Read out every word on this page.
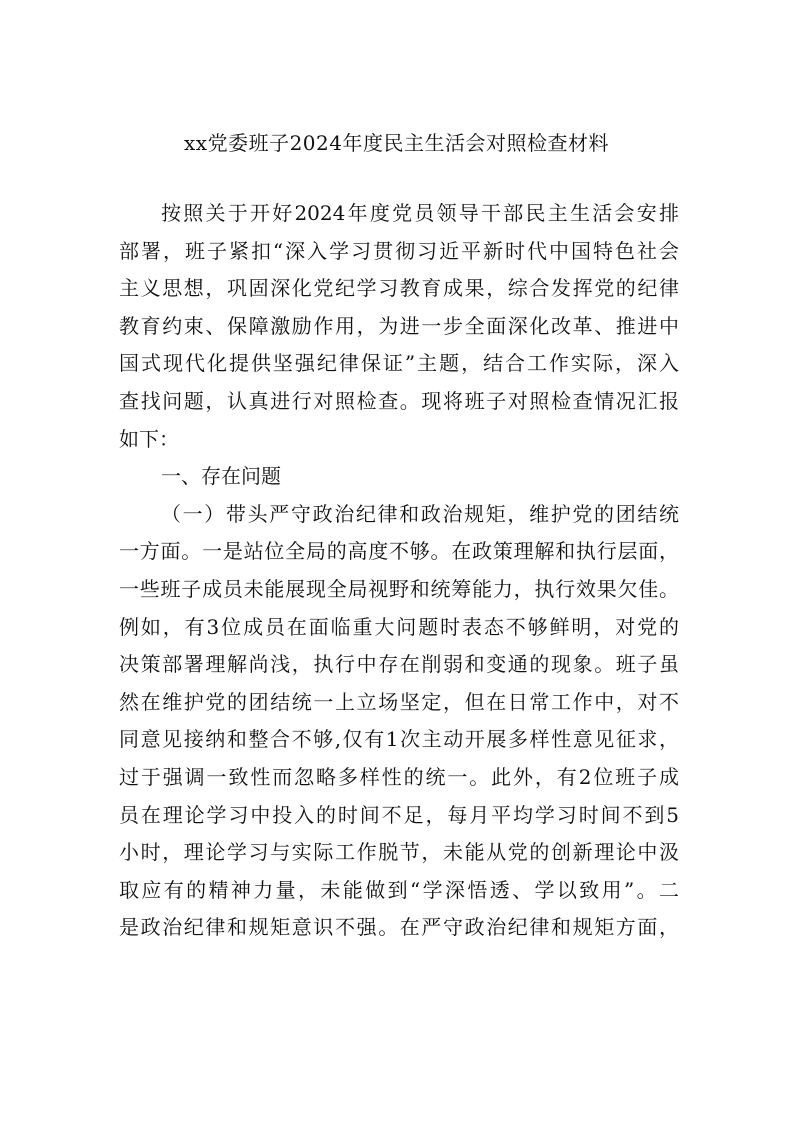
xx党委班子2024年度民主生活会对照检查材料
按照关于开好2024年度党员领导干部民主生活会安排
部署，班子紧扣“深入学习贯彻习近平新时代中国特色社会
主义思想，巩固深化党纪学习教育成果，综合发挥党的纪律
教育约束、保障激励作用，为进一步全面深化改革、推进中
国式现代化提供坚强纪律保证”主题，结合工作实际，深入
查找问题，认真进行对照检查。现将班子对照检查情况汇报
如下：
一、存在问题
（一）带头严守政治纪律和政治规矩，维护党的团结统
一方面。一是站位全局的高度不够。在政策理解和执行层面，
一些班子成员未能展现全局视野和统筹能力，执行效果欠佳。
例如，有3位成员在面临重大问题时表态不够鲜明，对党的
决策部署理解尚浅，执行中存在削弱和变通的现象。班子虽
然在维护党的团结统一上立场坚定，但在日常工作中，对不
同意见接纳和整合不够,仅有1次主动开展多样性意见征求，
过于强调一致性而忽略多样性的统一。此外，有2位班子成
员在理论学习中投入的时间不足，每月平均学习时间不到5
小时，理论学习与实际工作脱节，未能从党的创新理论中汲
取应有的精神力量，未能做到“学深悟透、学以致用”。二
是政治纪律和规矩意识不强。在严守政治纪律和规矩方面，
